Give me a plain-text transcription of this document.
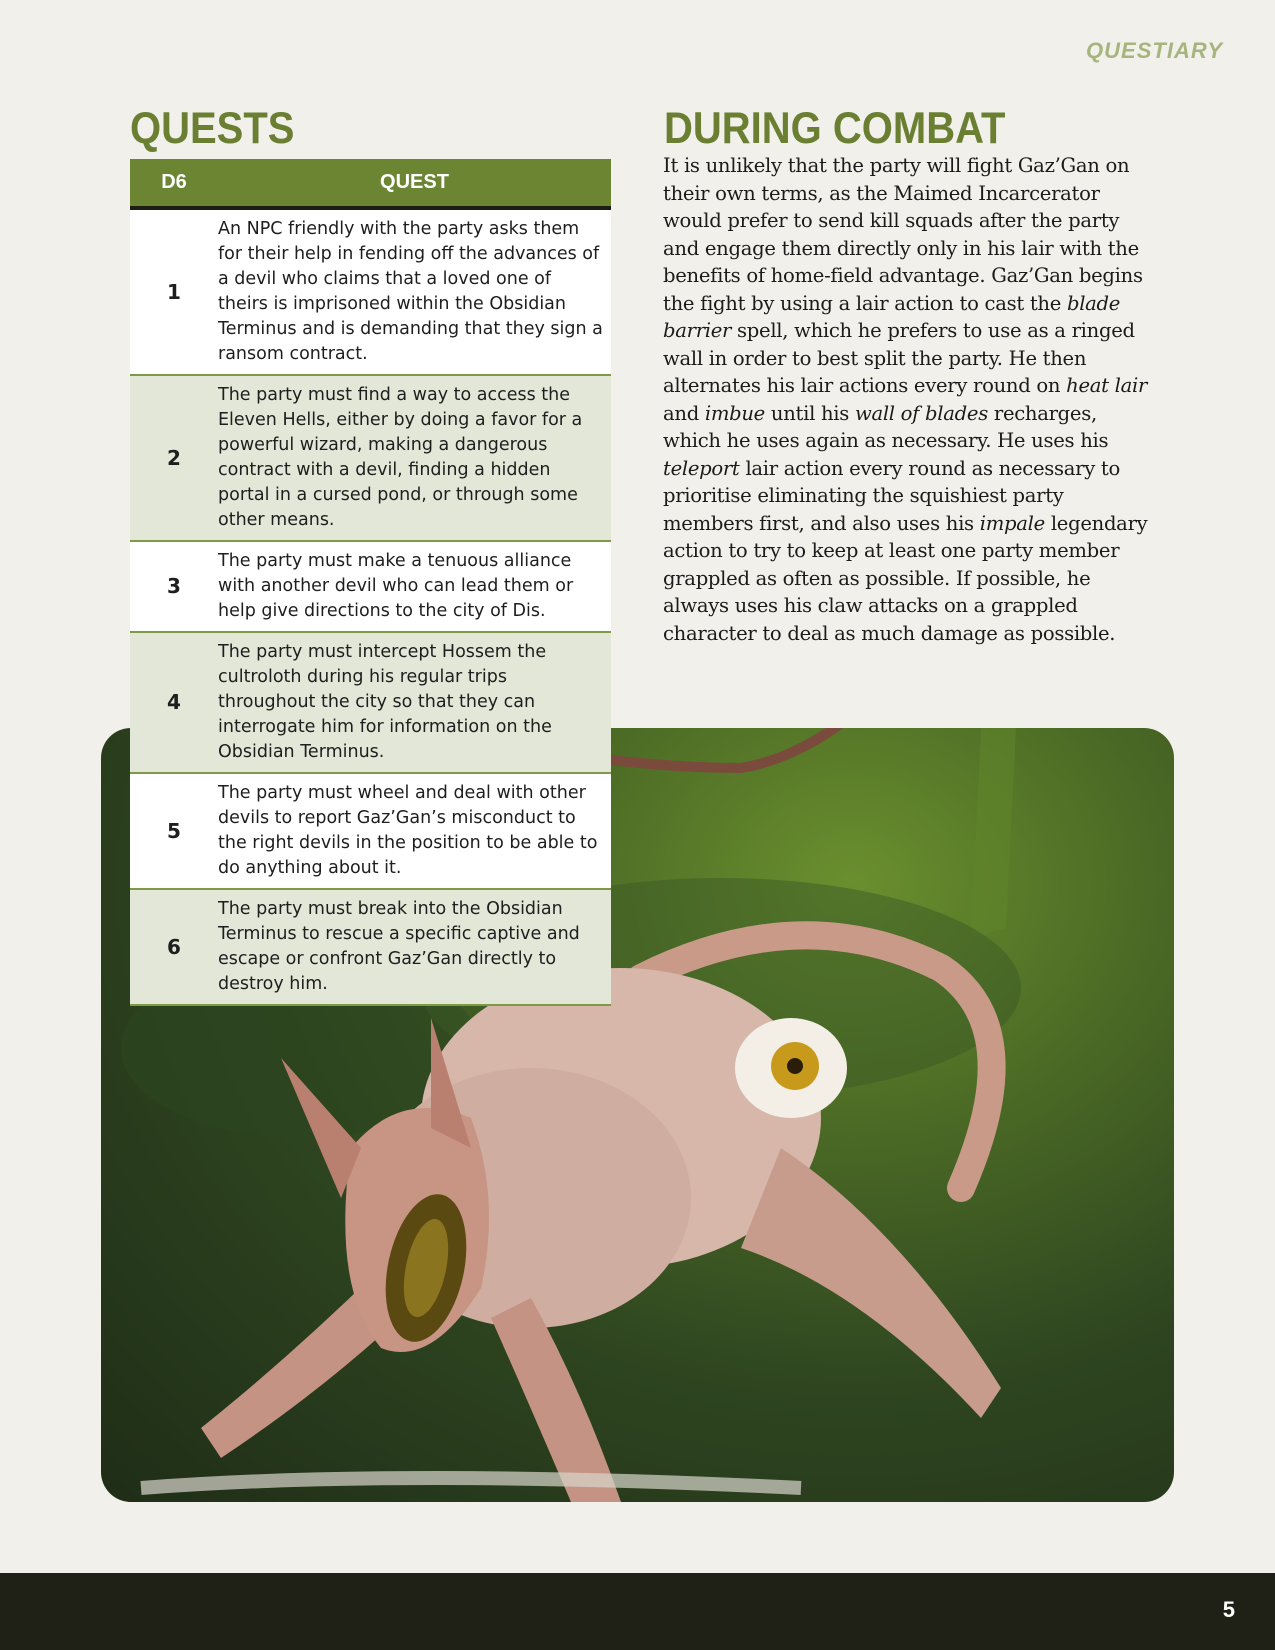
QUESTIARY
QUESTS	DURING COMBAT
D6	QUEST
1	An NPC friendly with the party asks them for their help in fending off the advances of a devil who claims that a loved one of theirs is imprisoned within the Obsidian Terminus and is demanding that they sign a ransom contract.
2	The party must find a way to access the Eleven Hells, either by doing a favor for a powerful wizard, making a dangerous contract with a devil, finding a hidden portal in a cursed pond, or through some other means.
3	The party must make a tenuous alliance with another devil who can lead them or help give directions to the city of Dis.
4	The party must intercept Hossem the cultroloth during his regular trips throughout the city so that they can interrogate him for information on the Obsidian Terminus.
5	The party must wheel and deal with other devils to report Gaz’Gan’s misconduct to the right devils in the position to be able to do anything about it.
6	The party must break into the Obsidian Terminus to rescue a specific captive and escape or confront Gaz’Gan directly to destroy him.

It is unlikely that the party will fight Gaz’Gan on their own terms, as the Maimed Incarcerator would prefer to send kill squads after the party and engage them directly only in his lair with the benefits of home-field advantage. Gaz’Gan begins the fight by using a lair action to cast the blade barrier spell, which he prefers to use as a ringed wall in order to best split the party. He then alternates his lair actions every round on heat lair and imbue until his wall of blades recharges, which he uses again as necessary. He uses his teleport lair action every round as necessary to prioritise eliminating the squishiest party members first, and also uses his impale legendary action to try to keep at least one party member grappled as often as possible. If possible, he always uses his claw attacks on a grappled character to deal as much damage as possible.

5
